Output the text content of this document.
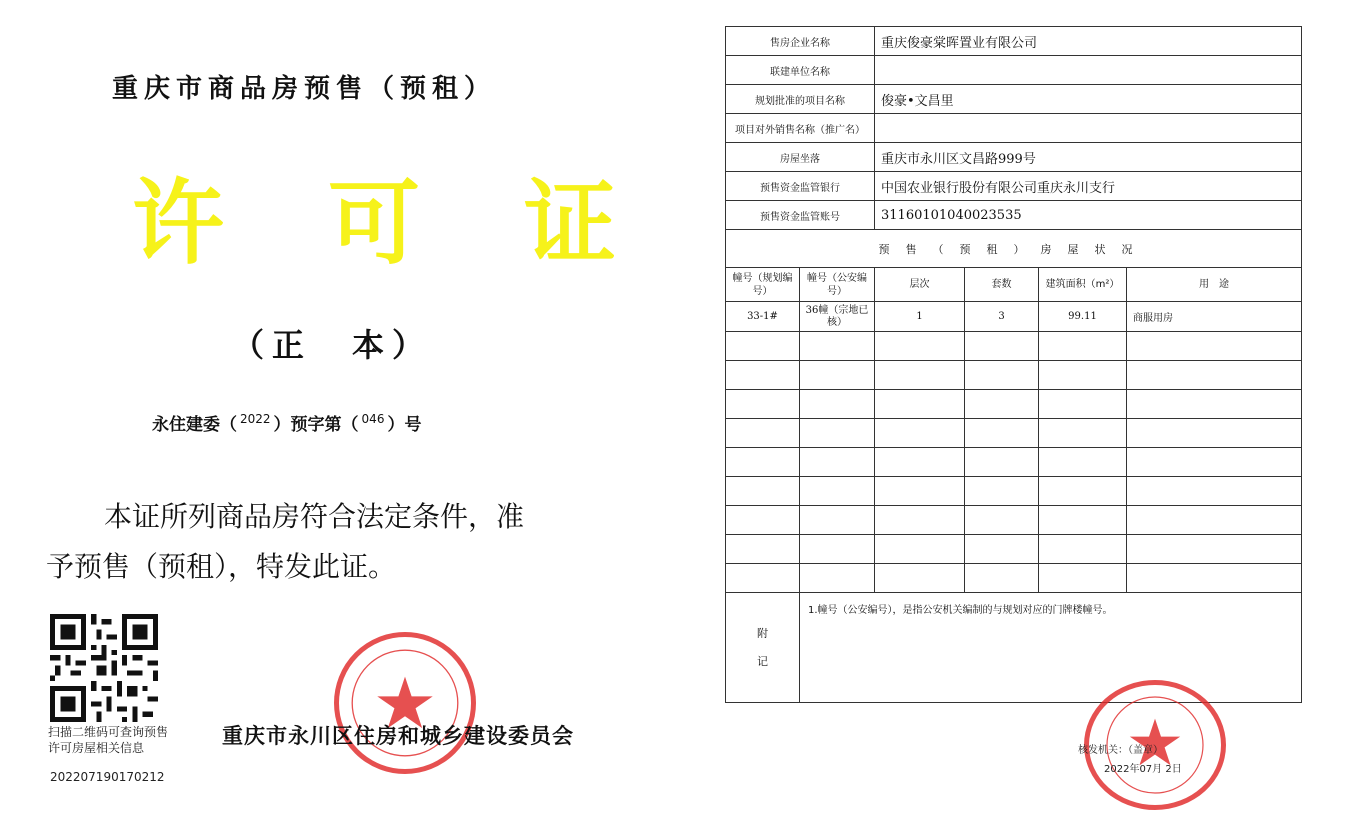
重庆市商品房预售（预租）
许 可 证
（正　本）
永住建委（ $^{2022}$ ）预字第（ $^{046}$ ）号
本证所列商品房符合法定条件，准
予预售（预租），特发此证。
扫描二维码可查询预售许可房屋相关信息
202207190170212
重庆市永川区住房和城乡建设委员会
售房企业名称		重庆俊豪棠晖置业有限公司			
联建单位名称					
规划批准的项目名称		俊豪•文昌里			
项目对外销售名称（推广名）					
房屋坐落		重庆市永川区文昌路999号			
预售资金监管银行		中国农业银行股份有限公司重庆永川支行			
预售资金监管账号		31160101040023535			
预售（预租）房屋状况					
幢号（规划编号）	幢号（公安编号）	层次	套数	建筑面积（m²）	用　途
33-1#	36幢（宗地已核）	1	3	99.11	商服用房

附记	1.幢号（公安编号），是指公安机关编制的与规划对应的门牌楼幢号。				
核发机关：（盖章）
2022年07月 2日
